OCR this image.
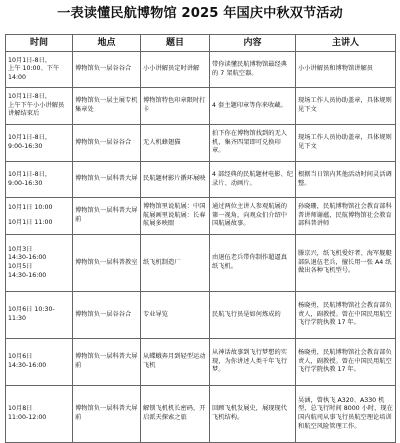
一表读懂民航博物馆 2025 年国庆中秋双节活动
时间	地点	题目	内容	主讲人

10月1日-8日，
上午 10:00、下午
14:00	博物馆负一层谷谷合	小小讲解员定时讲解	带你读懂民航博物馆最经典的 7 架航空器。	小小讲解员和博物馆讲解员

10月1日-8日，
上午下午小小讲解员
讲解结束后	博物馆负一层主展专机集章处	博物馆特色印章限时打卡	4 套主题印章等你来收藏。	现场工作人员协助盖章，具体规则见下文

10月1日-8日，
9:00-16:30	博物馆负一层谷谷合	无人机蜂翅猫	拍下你在博物馆找到的无人机，集齐四架即可兑换印章。	现场工作人员协助盖章，具体规则见下文

10月1日-8日，
9:00-16:30	博物馆负一层科普大屏	民航题材影片循环展映	4 部经典的民航题材电影、纪录片、动画片。	根据当日馆内其他活动时间灵活调整。

10月1日 10:00
10月1日 11:00	博物馆负一层科普大屏前	博物馆里说航展：中国航展画里说航展：长春航展多映眼	通过两位主讲人参观航展的第一视角，向观众们介绍中国航展故事。	孙晓珊，民航博物馆社会教育部科普讲师谢蕴，民航博物馆社会教育部科普讲师

10月3日
14:30-16:00
10月5日
14:30-16:00	博物馆负一层科普教室	纸飞机制造厂	由退伍老兵带你制作超逼真纸飞机。	滕京兴，纸飞机爱好者、海军舰艇部队退伍老兵，擅长用一张 A4 纸做出各种飞机型号。

10月6日 10:30-
11:30	博物馆负一层谷谷合	专业导览	民航飞行员是如何炼成的	杨晓勇，民航博物馆社会教育部负责人，副教授。曾在中国民用航空飞行学院执教 17 年。

10月6日
14:30-16:00	博物馆负一层科普大屏前	从蝶蛾奔月到轻型运动飞机	从神话故事到飞行梦想的实现，为你讲述人类千年飞行梦。	杨晓勇，民航博物馆社会教育部负责人，副教授。曾在中国民用航空飞行学院执教 17 年。

10月8日
11:00-12:00	博物馆负一层科普大屏前	解锁飞机机长密码，开启派天探索之旅	回顾飞机发展史，展现现代飞机结构。	吴涵，曾执飞 A320、A330 机型，总飞行时间 8000 小时，现在国内航司从事飞行员航空理论培训和航空风险管理工作。
